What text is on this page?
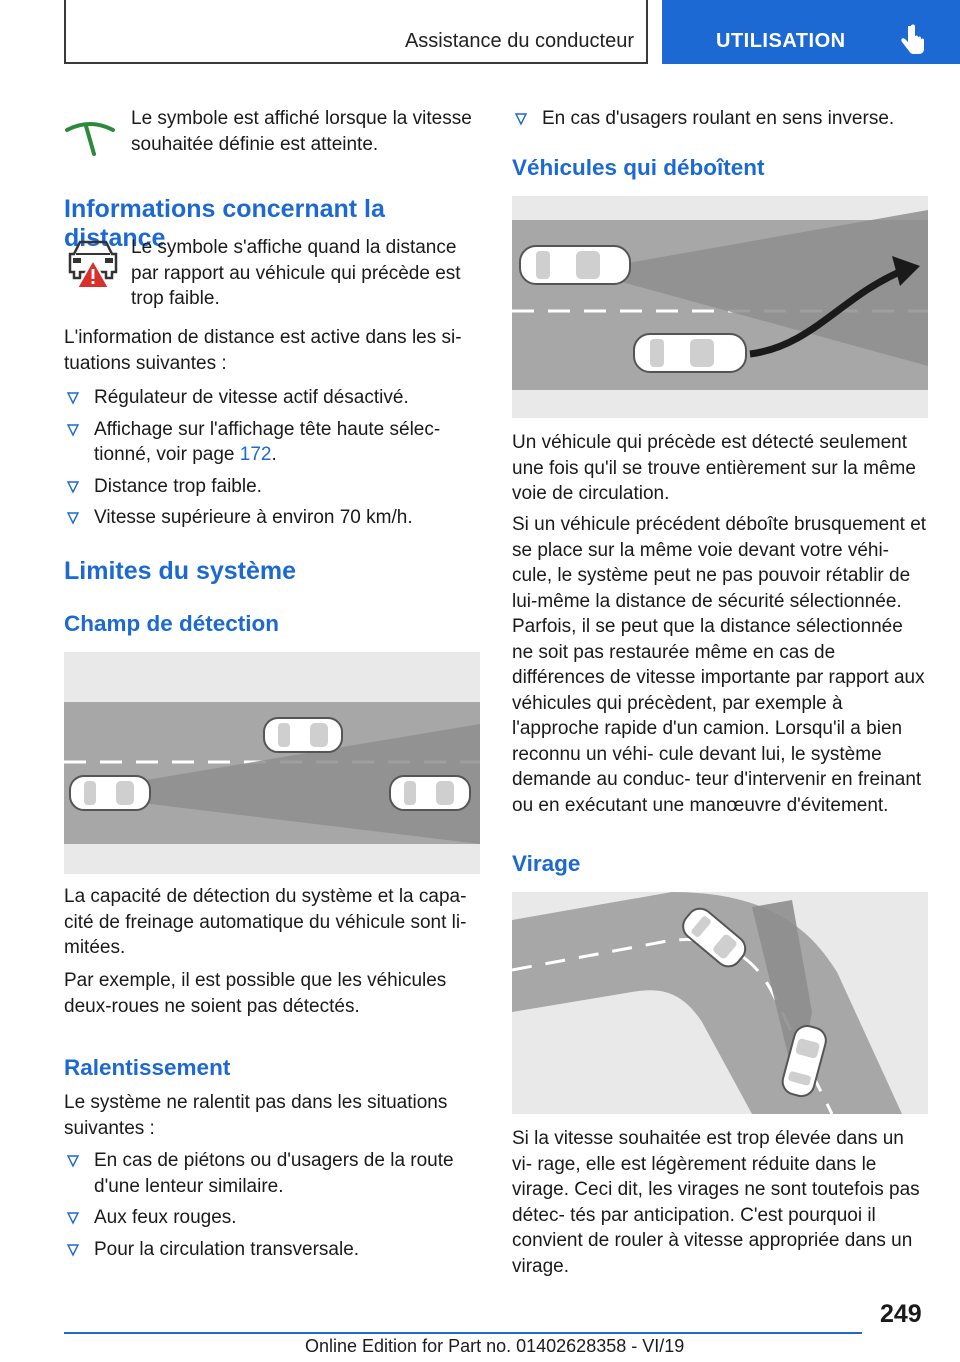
Assistance du conducteur	UTILISATION

Le symbole est affiché lorsque la vitesse souhaitée définie est atteinte.

Informations concernant la distance

Le symbole s'affiche quand la distance par rapport au véhicule qui précède est trop faible.

L'information de distance est active dans les si‐ tuations suivantes :

Régulateur de vitesse actif désactivé.
Affichage sur l'affichage tête haute sélec‐ tionné, voir page 172.
Distance trop faible.
Vitesse supérieure à environ 70 km/h.
Limites du système
Champ de détection

La capacité de détection du système et la capa‐ cité de freinage automatique du véhicule sont li‐ mitées.

Par exemple, il est possible que les véhicules deux-roues ne soient pas détectés.

Ralentissement

Le système ne ralentit pas dans les situations suivantes :

En cas de piétons ou d'usagers de la route d'une lenteur similaire.
Aux feux rouges.
Pour la circulation transversale.
En cas d'usagers roulant en sens inverse.
Véhicules qui déboîtent

Un véhicule qui précède est détecté seulement une fois qu'il se trouve entièrement sur la même voie de circulation.

Si un véhicule précédent déboîte brusquement et se place sur la même voie devant votre véhi‐ cule, le système peut ne pas pouvoir rétablir de lui-même la distance de sécurité sélectionnée. Parfois, il se peut que la distance sélectionnée ne soit pas restaurée même en cas de différences de vitesse importante par rapport aux véhicules qui précèdent, par exemple à l'approche rapide d'un camion. Lorsqu'il a bien reconnu un véhi‐ cule devant lui, le système demande au conduc‐ teur d'intervenir en freinant ou en exécutant une manœuvre d'évitement.

Virage

Si la vitesse souhaitée est trop élevée dans un vi‐ rage, elle est légèrement réduite dans le virage. Ceci dit, les virages ne sont toutefois pas détec‐ tés par anticipation. C'est pourquoi il convient de rouler à vitesse appropriée dans un virage.

249
Online Edition for Part no. 01402628358 - VI/19
